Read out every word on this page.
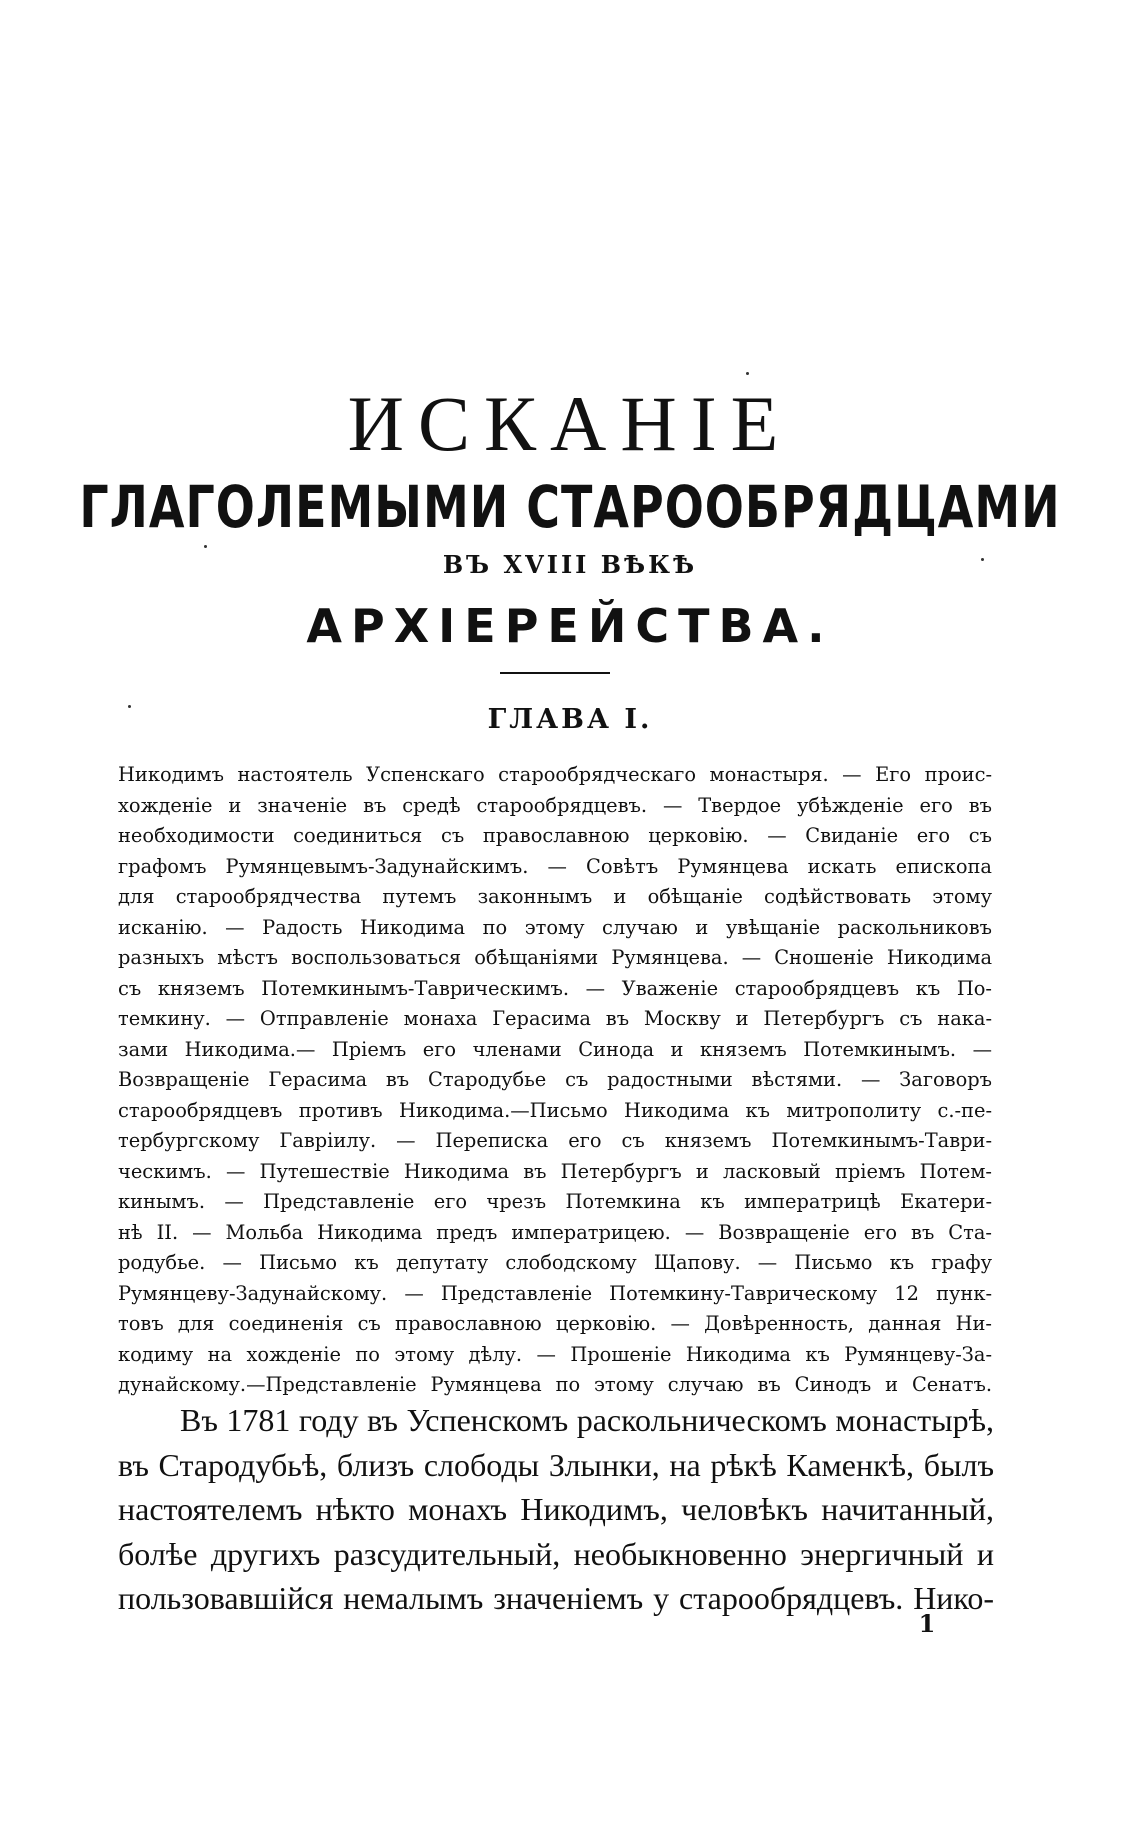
ИСКАНІЕ
ГЛАГОЛЕМЫМИ СТАРООБРЯДЦАМИ
ВЪ XVIII ВѢКѢ
АРХІЕРЕЙСТВА.
ГЛАВА I.
Никодимъ настоятель Успенскаго старообрядческаго монастыря. — Его проис-
хожденіе и значеніе въ средѣ старообрядцевъ. — Твердое убѣжденіе его въ
необходимости соединиться съ православною церковію. — Свиданіе его съ
графомъ Румянцевымъ-Задунайскимъ. — Совѣтъ Румянцева искать епископа
для старообрядчества путемъ законнымъ и обѣщаніе содѣйствовать этому
исканію. — Радость Никодима по этому случаю и увѣщаніе раскольниковъ
разныхъ мѣстъ воспользоваться обѣщаніями Румянцева. — Сношеніе Никодима
съ княземъ Потемкинымъ-Таврическимъ. — Уваженіе старообрядцевъ къ По-
темкину. — Отправленіе монаха Герасима въ Москву и Петербургъ съ нака-
зами Никодима.— Пріемъ его членами Синода и княземъ Потемкинымъ. —
Возвращеніе Герасима въ Стародубье съ радостными вѣстями. — Заговоръ
старообрядцевъ противъ Никодима.—Письмо Никодима къ митрополиту с.-пе-
тербургскому Гавріилу. — Переписка его съ княземъ Потемкинымъ-Таври-
ческимъ. — Путешествіе Никодима въ Петербургъ и ласковый пріемъ Потем-
кинымъ. — Представленіе его чрезъ Потемкина къ императрицѣ Екатери-
нѣ II. — Мольба Никодима предъ императрицею. — Возвращеніе его въ Ста-
родубье. — Письмо къ депутату слободскому Щапову. — Письмо къ графу
Румянцеву-Задунайскому. — Представленіе Потемкину-Таврическому 12 пунк-
товъ для соединенія съ православною церковію. — Довѣренность, данная Ни-
кодиму на хожденіе по этому дѣлу. — Прошеніе Никодима къ Румянцеву-За-
дунайскому.—Представленіе Румянцева по этому случаю въ Синодъ и Сенатъ.
Въ 1781 году въ Успенскомъ раскольническомъ монастырѣ,
въ Стародубьѣ, близъ слободы Злынки, на рѣкѣ Каменкѣ, былъ
настоятелемъ нѣкто монахъ Никодимъ, человѣкъ начитанный,
болѣе другихъ разсудительный, необыкновенно энергичный и
пользовавшійся немалымъ значеніемъ у старообрядцевъ. Нико-
1
